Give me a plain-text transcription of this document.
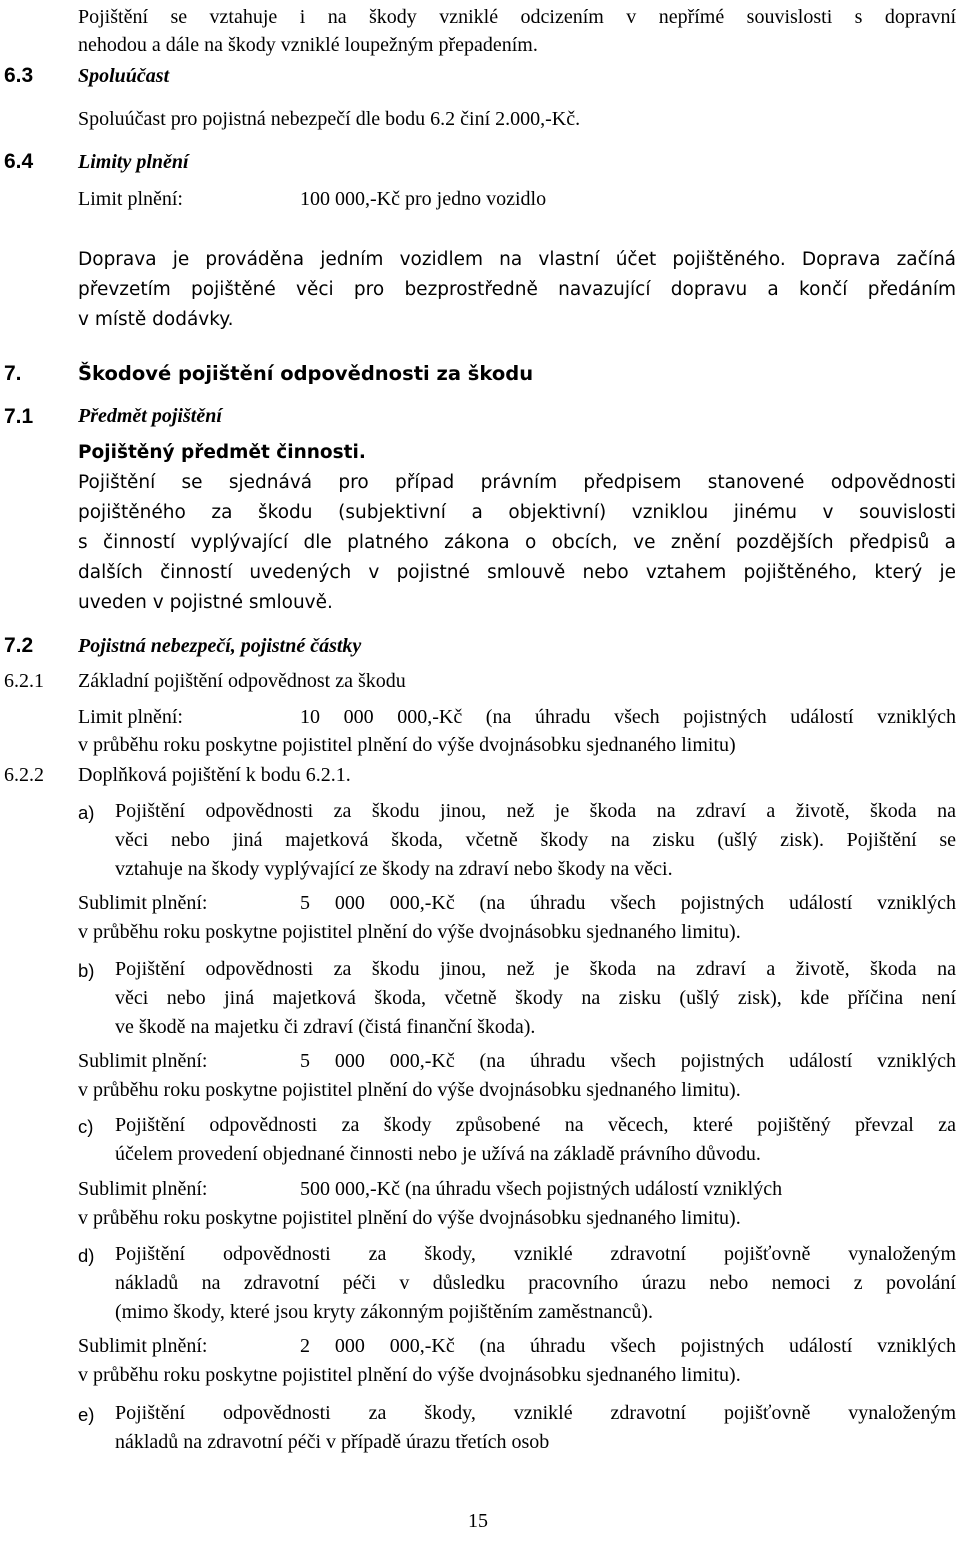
Pojištění se vztahuje i na škody vzniklé odcizením v nepřímé souvislosti s dopravní
nehodou a dále na škody vzniklé loupežným přepadením.
6.3 Spoluúčast
Spoluúčast pro pojistná nebezpečí dle bodu 6.2 činí 2.000,-Kč.
6.4 Limity plnění
Limit plnění:	100 000,-Kč pro jedno vozidlo
Doprava je prováděna jedním vozidlem na vlastní účet pojištěného. Doprava začíná
převzetím pojištěné věci pro bezprostředně navazující dopravu a končí předáním
v místě dodávky.
7.	Škodové pojištění odpovědnosti za škodu
7.1 Předmět pojištění
Pojištěný předmět činnosti.
Pojištění se sjednává pro případ právním předpisem stanovené odpovědnosti
pojištěného za škodu (subjektivní a objektivní) vzniklou jinému v souvislosti
s činností vyplývající dle platného zákona o obcích, ve znění pozdějších předpisů a
dalších činností uvedených v pojistné smlouvě nebo vztahem pojištěného, který je
uveden v pojistné smlouvě.
7.2 Pojistná nebezpečí, pojistné částky
6.2.1 Základní pojištění odpovědnost za škodu
Limit plnění:	10 000 000,-Kč (na úhradu všech pojistných událostí vzniklých
v průběhu roku poskytne pojistitel plnění do výše dvojnásobku sjednaného limitu)
6.2.2 Doplňková pojištění k bodu 6.2.1.
a) Pojištění odpovědnosti za škodu jinou, než je škoda na zdraví a životě, škoda na
věci nebo jiná majetková škoda, včetně škody na zisku (ušlý zisk). Pojištění se
vztahuje na škody vyplývající ze škody na zdraví nebo škody na věci.
Sublimit plnění:	5 000 000,-Kč (na úhradu všech pojistných událostí vzniklých
v průběhu roku poskytne pojistitel plnění do výše dvojnásobku sjednaného limitu).
b) Pojištění odpovědnosti za škodu jinou, než je škoda na zdraví a životě, škoda na
věci nebo jiná majetková škoda, včetně škody na zisku (ušlý zisk), kde příčina není
ve škodě na majetku či zdraví (čistá finanční škoda).
Sublimit plnění:	5 000 000,-Kč (na úhradu všech pojistných událostí vzniklých
v průběhu roku poskytne pojistitel plnění do výše dvojnásobku sjednaného limitu).
c) Pojištění odpovědnosti za škody způsobené na věcech, které pojištěný převzal za
účelem provedení objednané činnosti nebo je užívá na základě právního důvodu.
Sublimit plnění:	500 000,-Kč (na úhradu všech pojistných událostí vzniklých
v průběhu roku poskytne pojistitel plnění do výše dvojnásobku sjednaného limitu).
d) Pojištění odpovědnosti za škody, vzniklé zdravotní pojišťovně vynaloženým
nákladů na zdravotní péči v důsledku pracovního úrazu nebo nemoci z povolání
(mimo škody, které jsou kryty zákonným pojištěním zaměstnanců).
Sublimit plnění:	2 000 000,-Kč (na úhradu všech pojistných událostí vzniklých
v průběhu roku poskytne pojistitel plnění do výše dvojnásobku sjednaného limitu).
e) Pojištění odpovědnosti za škody, vzniklé zdravotní pojišťovně vynaloženým
nákladů na zdravotní péči v případě úrazu třetích osob
15
